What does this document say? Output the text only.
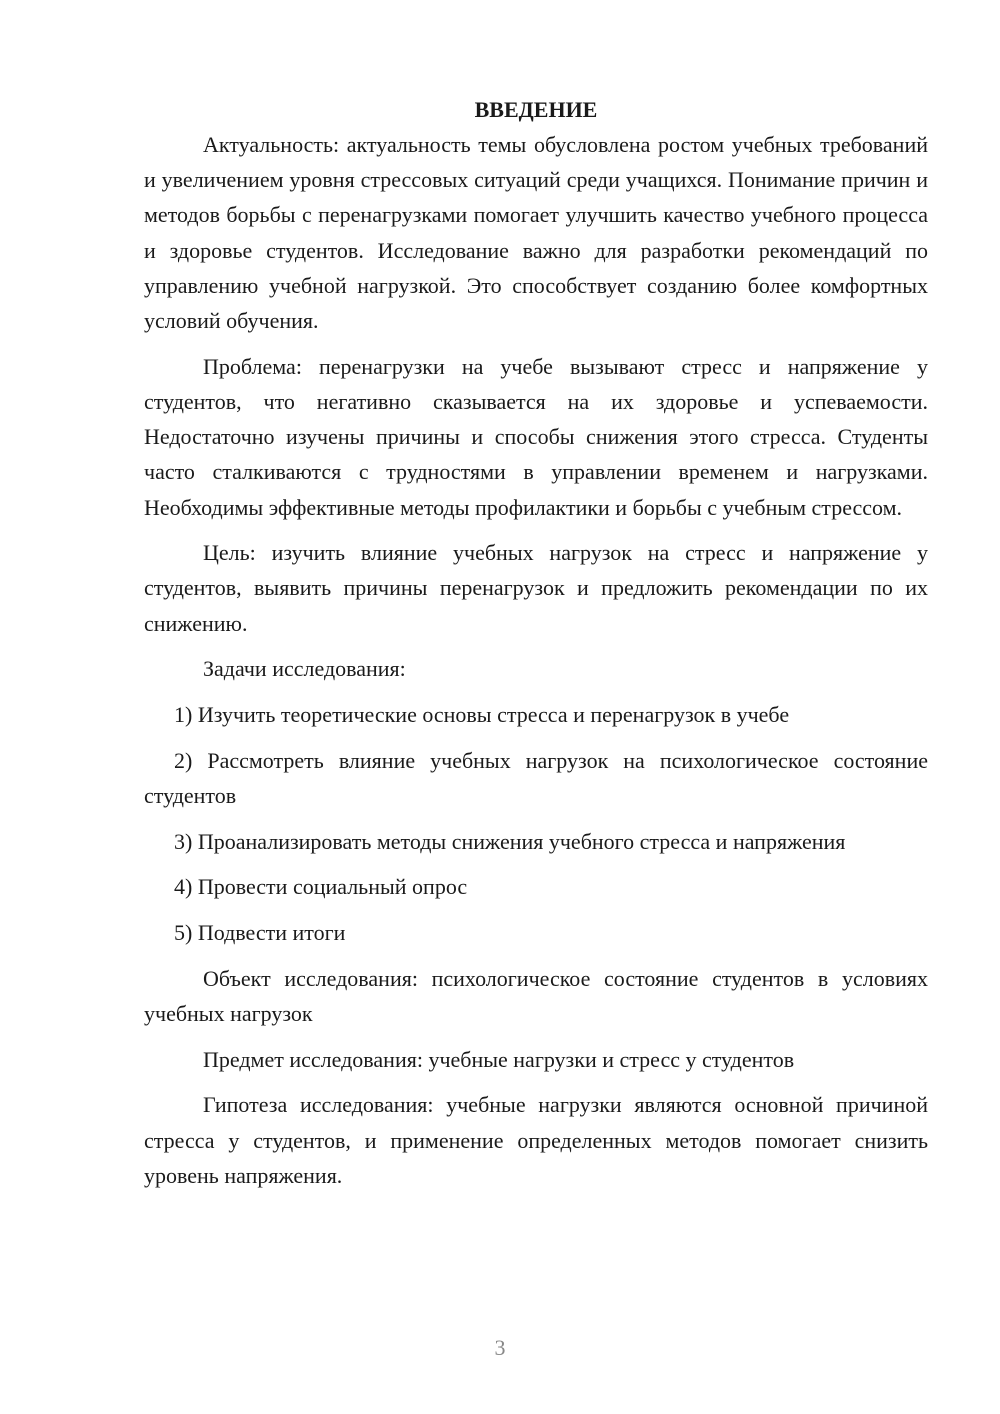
ВВЕДЕНИЕ

Актуальность: актуальность темы обусловлена ростом учебных требований и увеличением уровня стрессовых ситуаций среди учащихся. Понимание причин и методов борьбы с перенагрузками помогает улучшить качество учебного процесса и здоровье студентов. Исследование важно для разработки рекомендаций по управлению учебной нагрузкой. Это способствует созданию более комфортных условий обучения.

Проблема: перенагрузки на учебе вызывают стресс и напряжение у студентов, что негативно сказывается на их здоровье и успеваемости. Недостаточно изучены причины и способы снижения этого стресса. Студенты часто сталкиваются с трудностями в управлении временем и нагрузками. Необходимы эффективные методы профилактики и борьбы с учебным стрессом.

Цель: изучить влияние учебных нагрузок на стресс и напряжение у студентов, выявить причины перенагрузок и предложить рекомендации по их снижению.

Задачи исследования:

1) Изучить теоретические основы стресса и перенагрузок в учебе

2) Рассмотреть влияние учебных нагрузок на психологическое состояние студентов

3) Проанализировать методы снижения учебного стресса и напряжения

4) Провести социальный опрос

5) Подвести итоги

Объект исследования: психологическое состояние студентов в условиях учебных нагрузок

Предмет исследования: учебные нагрузки и стресс у студентов

Гипотеза исследования: учебные нагрузки являются основной причиной стресса у студентов, и применение определенных методов помогает снизить уровень напряжения.

3
